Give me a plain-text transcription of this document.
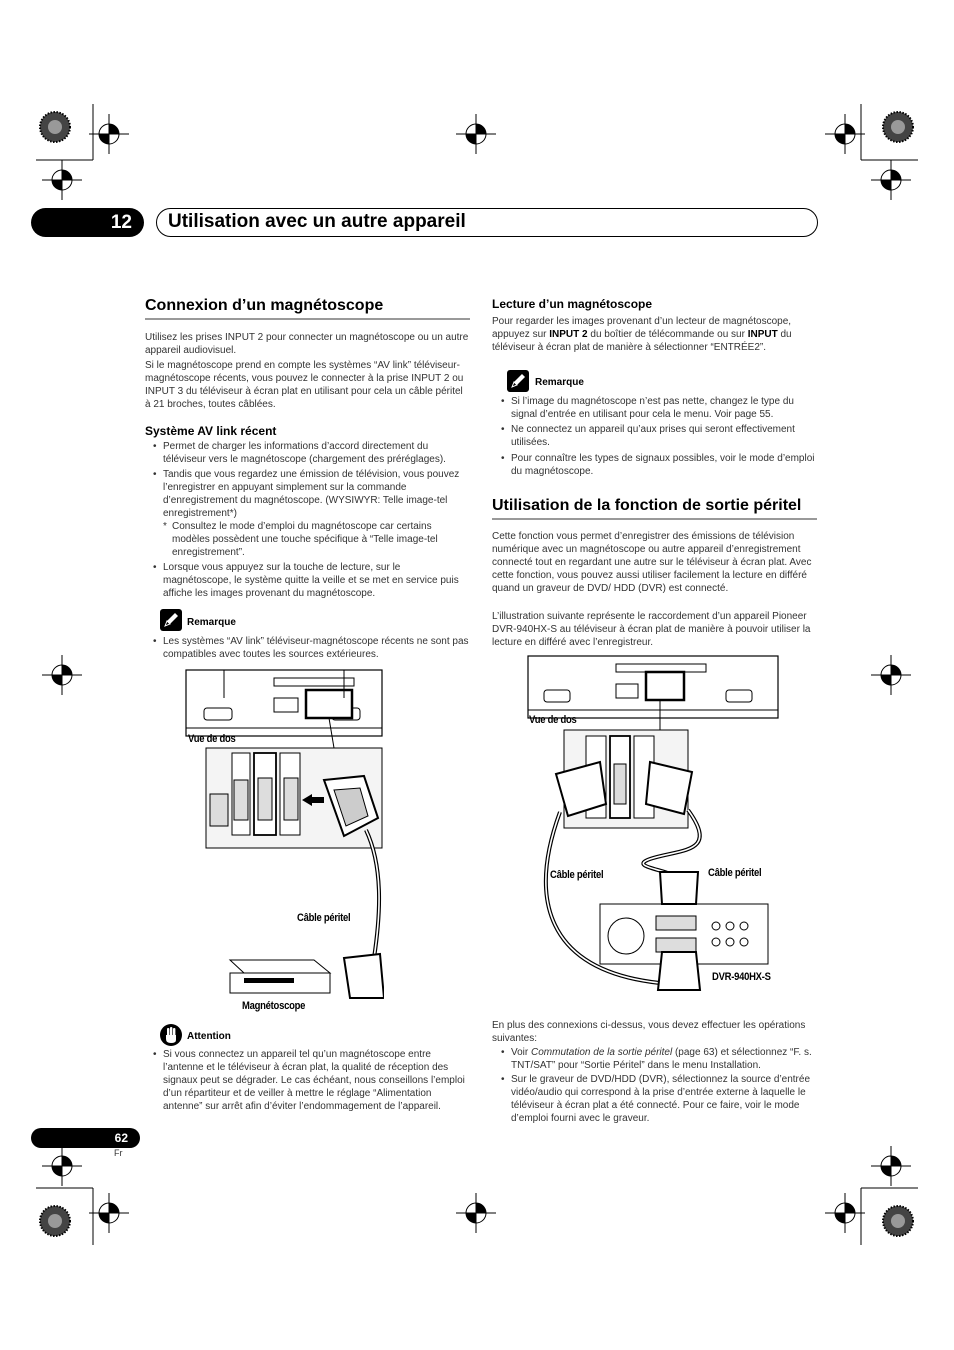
12	Utilisation avec un autre appareil
Connexion d’un magnétoscope

Utilisez les prises INPUT 2 pour connecter un magnétoscope ou un autre appareil audiovisuel.

Si le magnétoscope prend en compte les systèmes “AV link” téléviseur-magnétoscope récents, vous pouvez le connecter à la prise INPUT 2 ou INPUT 3 du téléviseur à écran plat en utilisant pour cela un câble péritel à 21 broches, toutes câblées.

Système AV link récent
• Permet de charger les informations d’accord directement du téléviseur vers le magnétoscope (chargement des préréglages).
• Tandis que vous regardez une émission de télévision, vous pouvez l’enregistrer en appuyant simplement sur la commande d’enregistrement du magnétoscope. (WYSIWYR: Telle image-tel enregistrement*)
* Consultez le mode d’emploi du magnétoscope car certains modèles possèdent une touche spécifique à “Telle image-tel enregistrement”.
• Lorsque vous appuyez sur la touche de lecture, sur le magnétoscope, le système quitte la veille et se met en service puis affiche les images provenant du magnétoscope.
Remarque
• Les systèmes “AV link” téléviseur-magnétoscope récents ne sont pas compatibles avec toutes les sources extérieures.
Vue de dos
Câble péritel
Magnétoscope
Attention
• Si vous connectez un appareil tel qu’un magnétoscope entre l’antenne et le téléviseur à écran plat, la qualité de réception des signaux peut se dégrader. Le cas échéant, nous conseillons l’emploi d’un répartiteur et de veiller à mettre le réglage “Alimentation antenne” sur arrêt afin d’éviter l’endommagement de l’appareil.
Lecture d’un magnétoscope

Pour regarder les images provenant d’un lecteur de magnétoscope, appuyez sur INPUT 2 du boîtier de télécommande ou sur INPUT du téléviseur à écran plat de manière à sélectionner “ENTRÉE2”.

Remarque
• Si l’image du magnétoscope n’est pas nette, changez le type du signal d’entrée en utilisant pour cela le menu. Voir page 55.
• Ne connectez un appareil qu’aux prises qui seront effectivement utilisées.
• Pour connaître les types de signaux possibles, voir le mode d’emploi du magnétoscope.
Utilisation de la fonction de sortie péritel

Cette fonction vous permet d’enregistrer des émissions de télévision numérique avec un magnétoscope ou autre appareil d’enregistrement connecté tout en regardant une autre sur le téléviseur à écran plat. Avec cette fonction, vous pouvez aussi utiliser facilement la lecture en différé quand un graveur de DVD/ HDD (DVR) est connecté.

L’illustration suivante représente le raccordement d’un appareil Pioneer DVR-940HX-S au téléviseur à écran plat de manière à pouvoir utiliser la lecture en différé avec l’enregistreur.

Vue de dos
Câble péritel	Câble péritel
DVR-940HX-S

En plus des connexions ci-dessus, vous devez effectuer les opérations suivantes:

• Voir Commutation de la sortie péritel (page 63) et sélectionnez “F. s. TNT/SAT” pour “Sortie Péritel” dans le menu Installation.
• Sur le graveur de DVD/HDD (DVR), sélectionnez la source d’entrée vidéo/audio qui correspond à la prise d’entrée externe à laquelle le téléviseur à écran plat a été connecté. Pour ce faire, voir le mode d’emploi fourni avec le graveur.
62
Fr
